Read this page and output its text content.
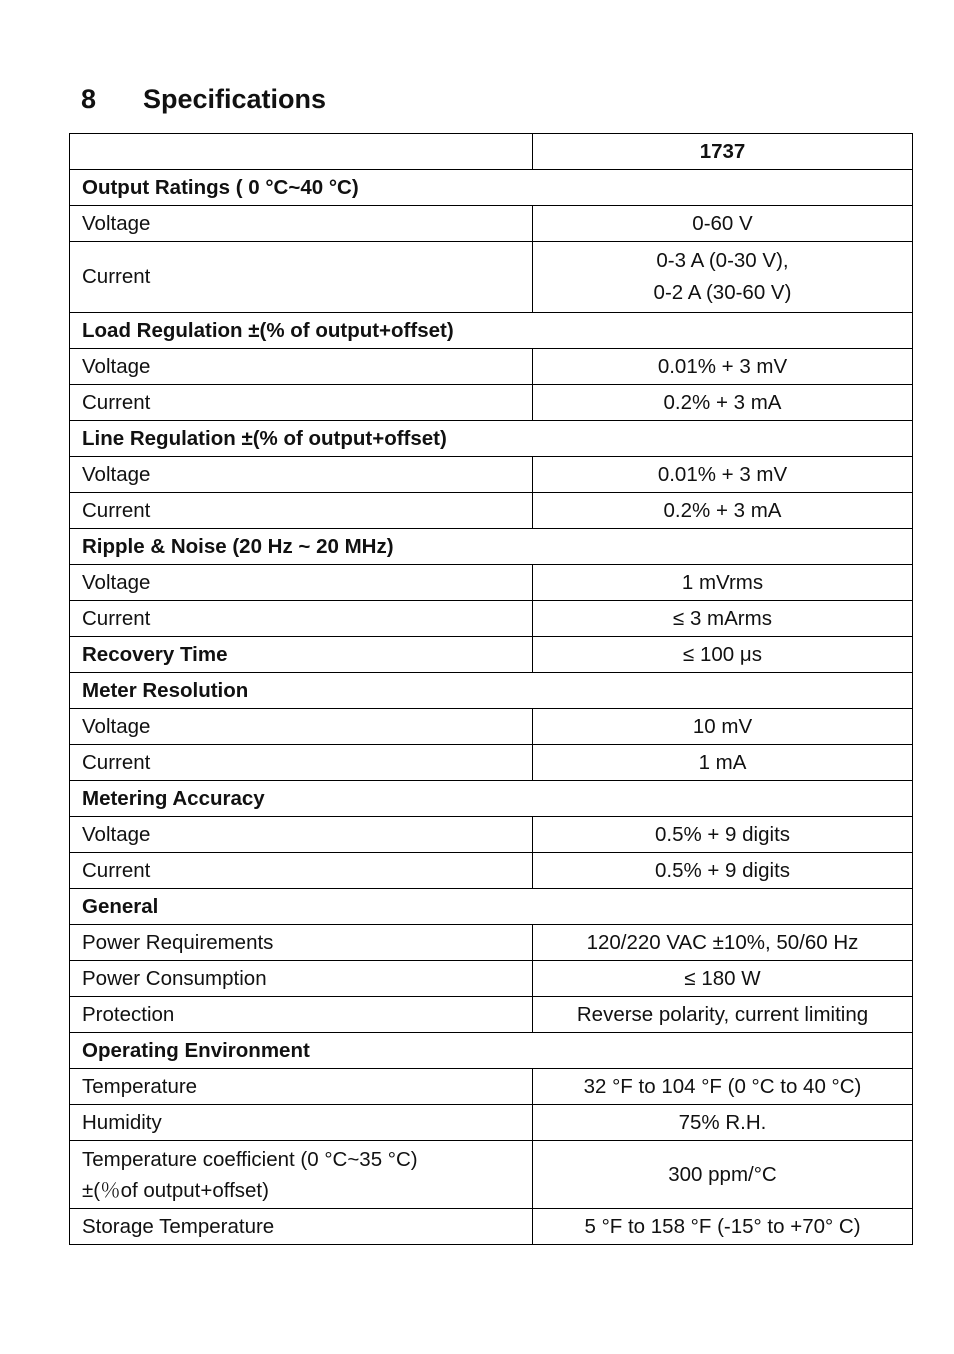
8 Specifications
	1737
Output Ratings ( 0 °C~40 °C)	
Voltage	0-60 V
Current	0-3 A (0-30 V),
0-2 A (30-60 V)

Load Regulation ±(% of output+offset)	
Voltage	0.01% + 3 mV
Current	0.2% + 3 mA
Line Regulation ±(% of output+offset)	
Voltage	0.01% + 3 mV
Current	0.2% + 3 mA
Ripple & Noise (20 Hz ~ 20 MHz)	
Voltage	1 mVrms
Current	≤ 3 mArms
Recovery Time	≤ 100 μs
Meter Resolution	
Voltage	10 mV
Current	1 mA
Metering Accuracy	
Voltage	0.5% + 9 digits
Current	0.5% + 9 digits
General	
Power Requirements	120/220 VAC ±10%, 50/60 Hz
Power Consumption	≤ 180 W
Protection	Reverse polarity, current limiting
Operating Environment	
Temperature	32 °F to 104 °F (0 °C to 40 °C)
Humidity	75% R.H.

Temperature coefficient (0 °C~35 °C)
±(％of output+offset)	300 ppm/°C
Storage Temperature	5 °F to 158 °F (-15° to +70° C)
